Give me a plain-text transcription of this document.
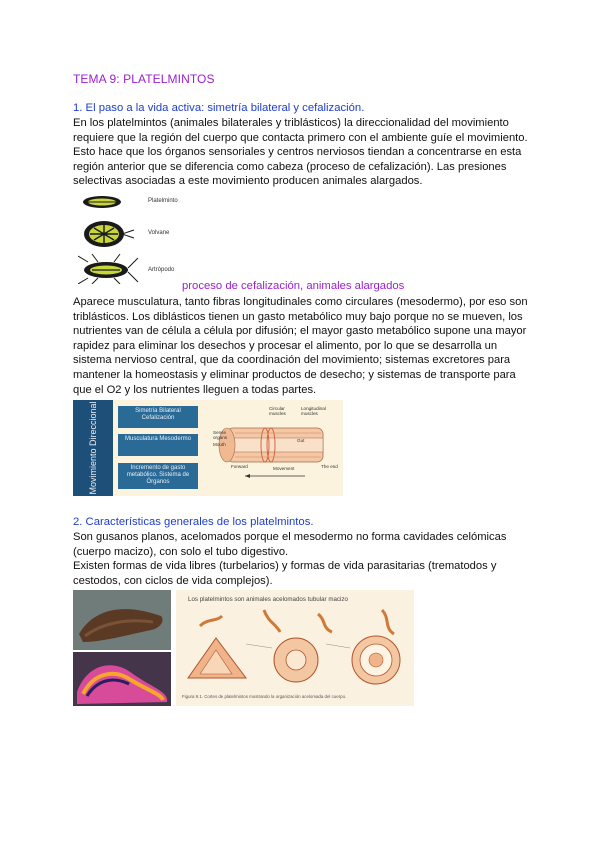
TEMA 9: PLATELMINTOS
1. El paso a la vida activa: simetría bilateral y cefalización.
En los platelmintos (animales bilaterales y triblásticos) la direccionalidad del movimiento requiere que la región del cuerpo que contacta primero con el ambiente guíe el movimiento. Esto hace que los órganos sensoriales y centros nerviosos tiendan a concentrarse en esta región anterior que se diferencia como cabeza (proceso de cefalización). Las presiones selectivas asociadas a este movimiento producen animales alargados.
Platelminto
Volvane
Artrópodo
proceso de cefalización, animales alargados
Aparece musculatura, tanto fibras longitudinales como circulares (mesodermo), por eso son triblásticos. Los diblásticos tienen un gasto metabólico muy bajo porque no se mueven, los nutrientes van de célula a célula por difusión; el mayor gasto metabólico supone una mayor rapidez para eliminar los desechos y procesar el alimento, por lo que se desarrolla un sistema nervioso central, que da coordinación del movimiento; sistemas excretores para mantener la homeostasis y eliminar productos de desecho; y sistemas de transporte para que el O2 y los nutrientes lleguen a todas partes.
Movimiento Direccional	Simetría Bilateral Cefalización
Musculatura Mesodermo
Incremento de gasto metabólico. Sistema de Órganos
Circular muscles
Longitudinal muscles
Sense organs
Mouth
Gut
Forward	Movement	The end
2. Características generales de los platelmintos.
Son gusanos planos, acelomados porque el mesodermo no forma cavidades celómicas (cuerpo macizo), con solo el tubo digestivo.
Existen formas de vida libres (turbelarios) y formas de vida parasitarias (trematodos y cestodos, con ciclos de vida complejos).
Los platelmintos son animales acelomados tubular macizo
Figura 9.1. Cortes de platelmintos mostrando la organización acelomada del cuerpo.
